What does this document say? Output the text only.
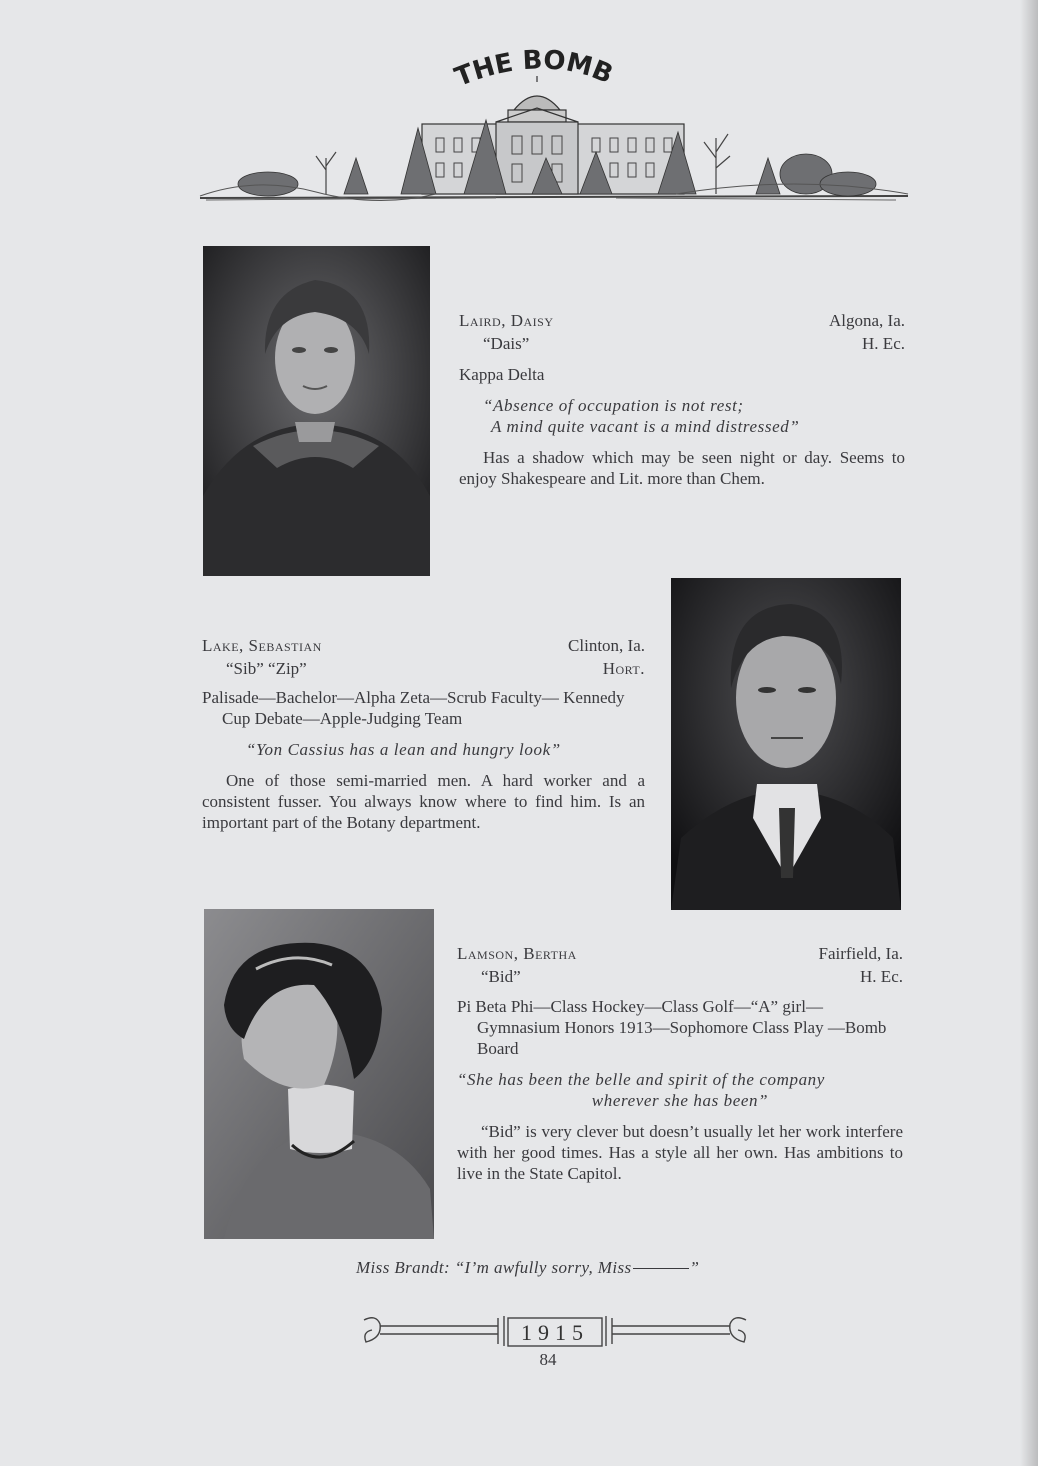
THE BOMB
Laird, Daisy	Algona, Ia.
“Dais”	H. Ec.
Kappa Delta
“Absence of occupation is not rest;
A mind quite vacant is a mind distressed”
Has a shadow which may be seen night or day. Seems to enjoy Shakespeare and Lit. more than Chem.
Lake, Sebastian	Clinton, Ia.
“Sib” “Zip”	Hort.
Palisade—Bachelor—Alpha Zeta—Scrub Faculty— Kennedy Cup Debate—Apple-Judging Team
“Yon Cassius has a lean and hungry look”
One of those semi-married men. A hard worker and a consistent fusser. You always know where to find him. Is an important part of the Botany department.
Lamson, Bertha	Fairfield, Ia.
“Bid”	H. Ec.
Pi Beta Phi—Class Hockey—Class Golf—“A” girl— Gymnasium Honors 1913—Sophomore Class Play —Bomb Board
“She has been the belle and spirit of the company
wherever she has been”
“Bid” is very clever but doesn’t usually let her work interfere with her good times. Has a style all her own. Has ambitions to live in the State Capitol.
Miss Brandt: “I’m awfully sorry, Miss	”
1915
84
